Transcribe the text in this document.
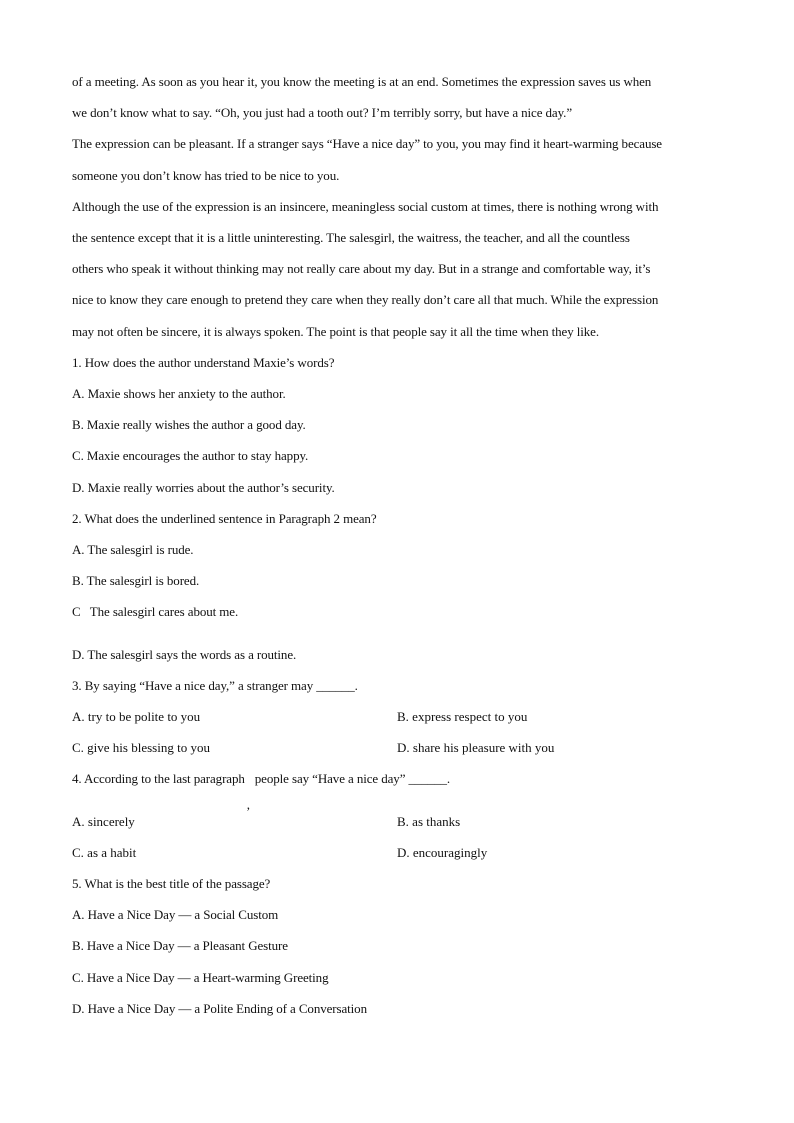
of a meeting. As soon as you hear it, you know the meeting is at an end. Sometimes the expression saves us when
we don’t know what to say. “Oh, you just had a tooth out? I’m terribly sorry, but have a nice day.”
The expression can be pleasant. If a stranger says “Have a nice day” to you, you may find it heart-warming because
someone you don’t know has tried to be nice to you.
Although the use of the expression is an insincere, meaningless social custom at times, there is nothing wrong with
the sentence except that it is a little uninteresting. The salesgirl, the waitress, the teacher, and all the countless
others who speak it without thinking may not really care about my day. But in a strange and comfortable way, it’s
nice to know they care enough to pretend they care when they really don’t care all that much. While the expression
may not often be sincere, it is always spoken. The point is that people say it all the time when they like.
1. How does the author understand Maxie’s words?
A. Maxie shows her anxiety to the author.
B. Maxie really wishes the author a good day.
C. Maxie encourages the author to stay happy.
D. Maxie really worries about the author’s security.
2. What does the underlined sentence in Paragraph 2 mean?
A. The salesgirl is rude.
B. The salesgirl is bored.
C   The salesgirl cares about me.
D. The salesgirl says the words as a routine.
3. By saying “Have a nice day,” a stranger may ______.
A. try to be polite to you	B. express respect to you
C. give his blessing to you	D. share his pleasure with you
4. According to the last paragraph
,
people say “Have a nice day” ______.
A. sincerely	B. as thanks
C. as a habit	D. encouragingly
5. What is the best title of the passage?
A. Have a Nice Day — a Social Custom
B. Have a Nice Day — a Pleasant Gesture
C. Have a Nice Day — a Heart-warming Greeting
D. Have a Nice Day — a Polite Ending of a Conversation
